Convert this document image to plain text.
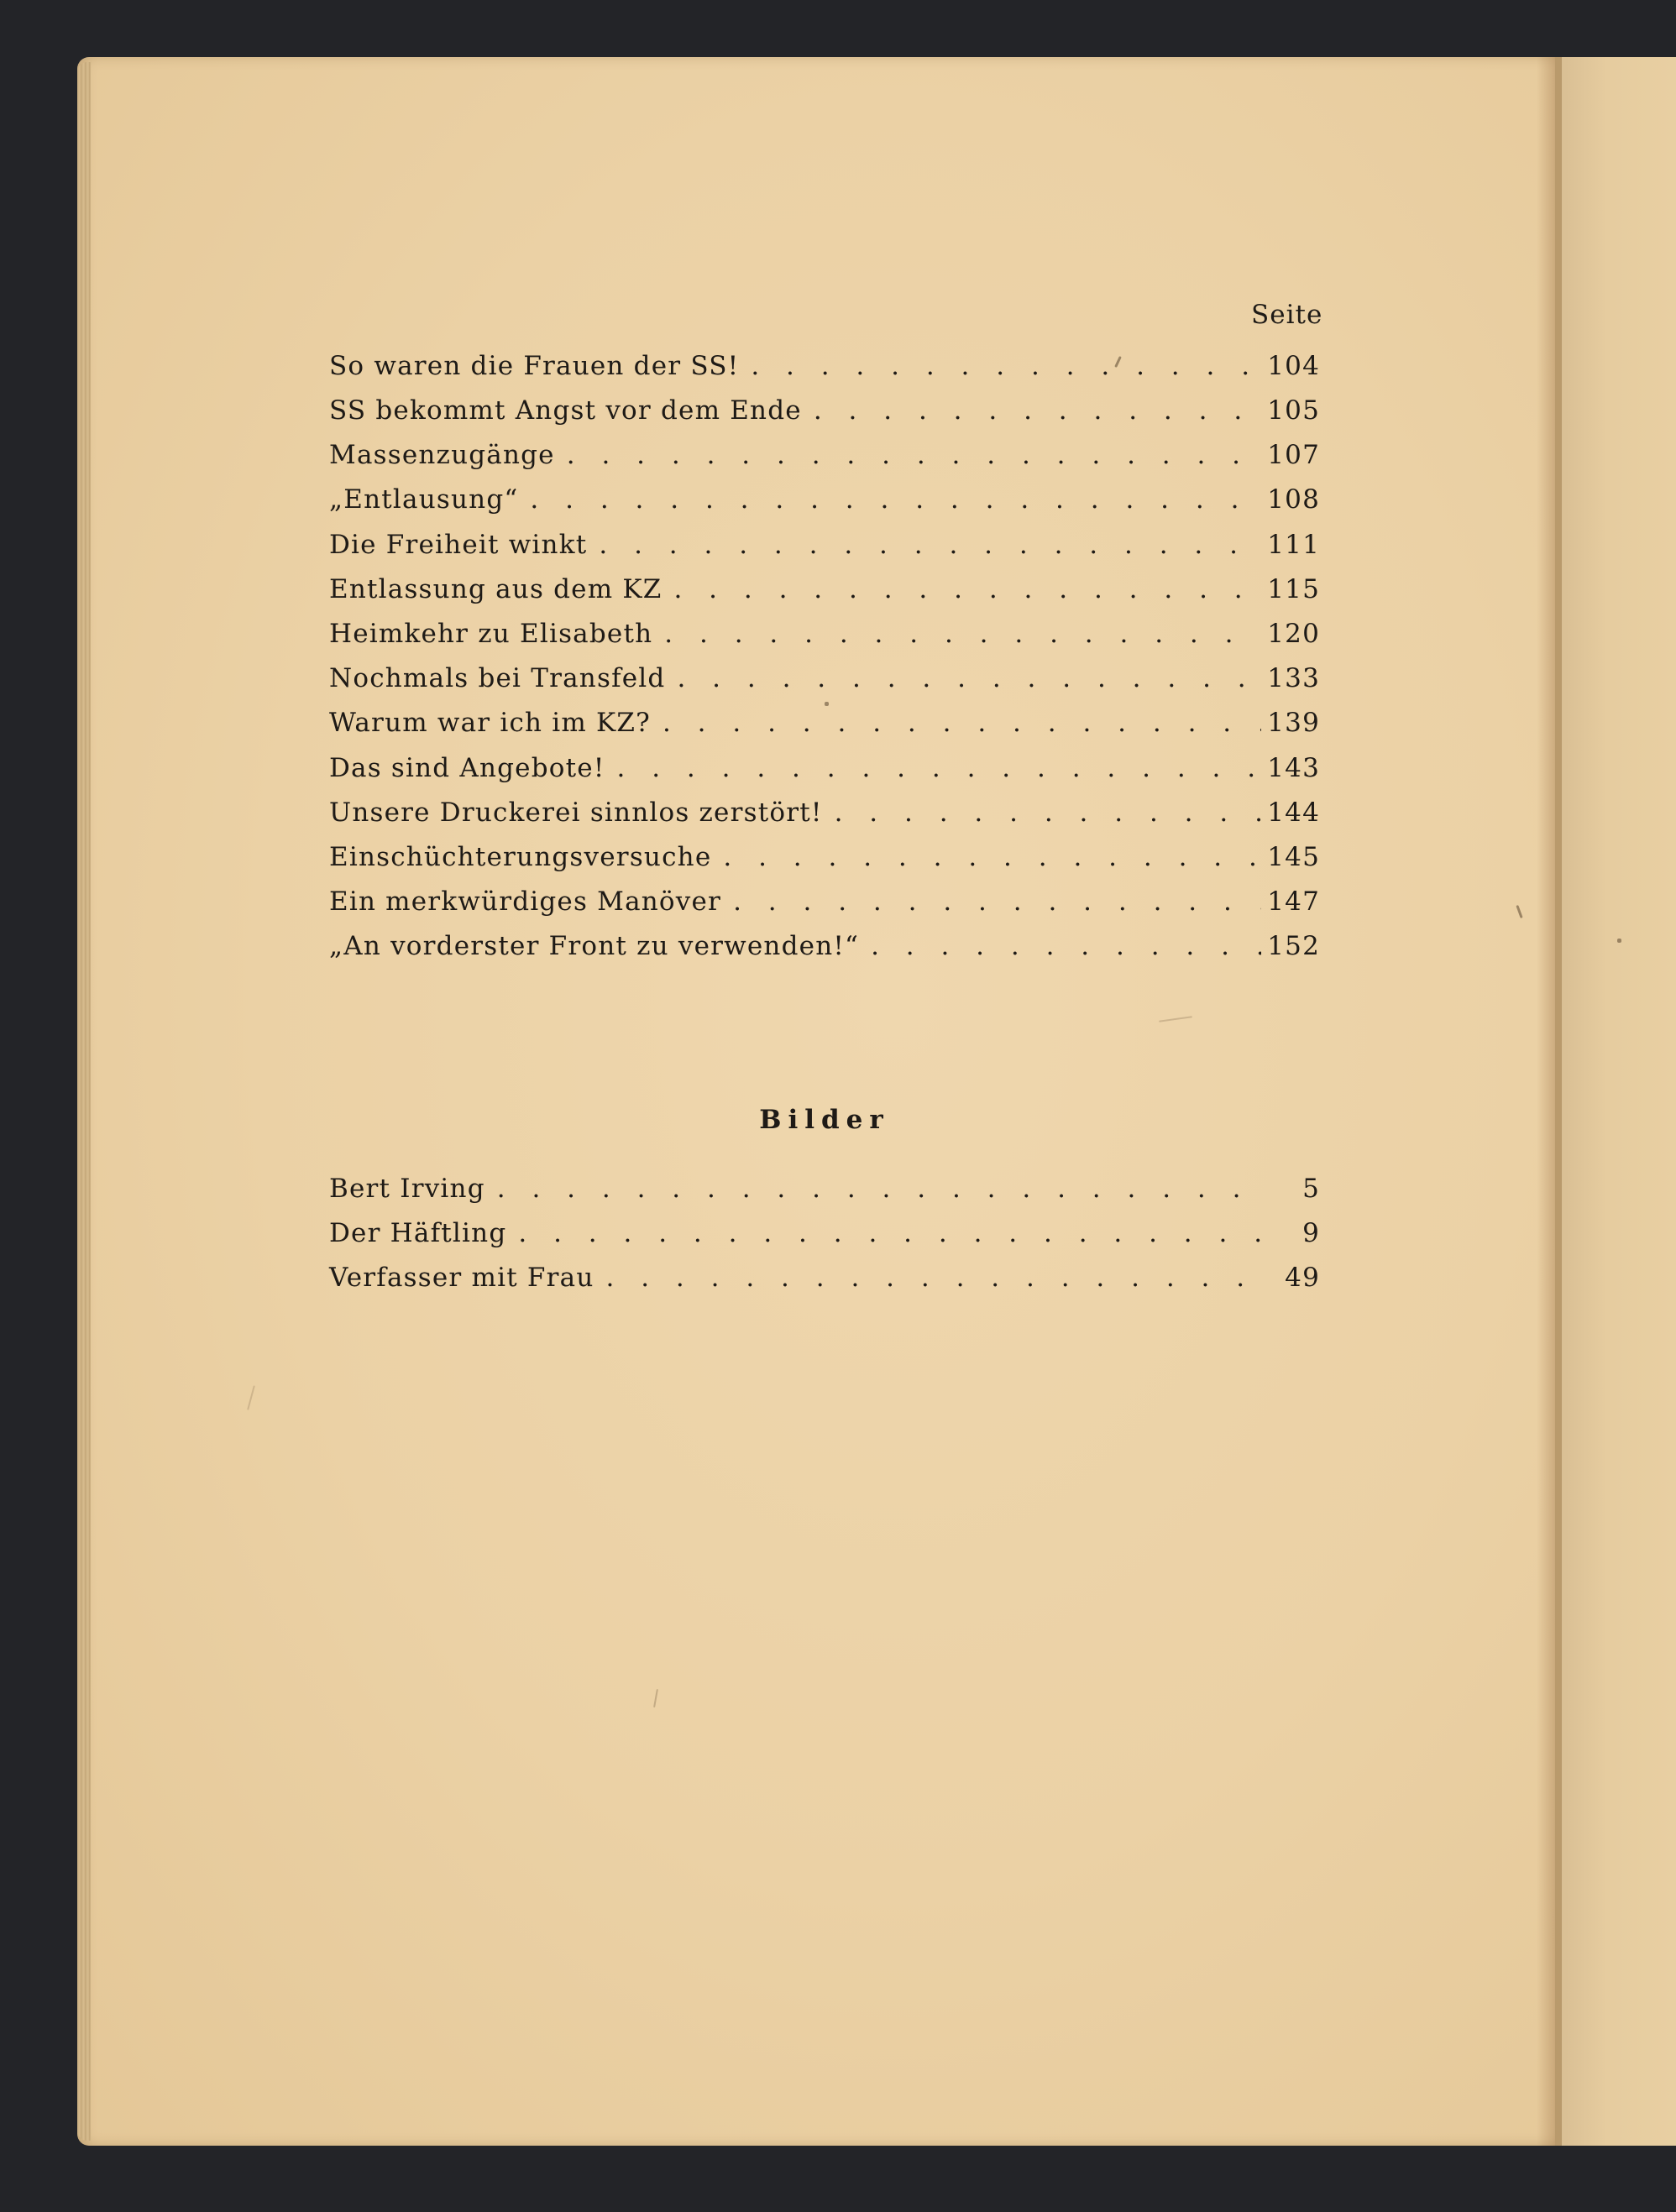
Seite
So waren die Frauen der SS! . . .	104
SS bekommt Angst vor dem Ende . . .	105
Massenzugänge . . .	107
„Entlausung“ . . .	108
Die Freiheit winkt . . .	111
Entlassung aus dem KZ . . .	115
Heimkehr zu Elisabeth . . .	120
Nochmals bei Transfeld . . .	133
Warum war ich im KZ? . . .	139
Das sind Angebote! . . .	143
Unsere Druckerei sinnlos zerstört! . . .	144
Einschüchterungsversuche . . .	145
Ein merkwürdiges Manöver . . .	147
„An vorderster Front zu verwenden!“ . . .	152
Bilder
Bert Irving . . .	5
Der Häftling . . .	9
Verfasser mit Frau . . .	49
